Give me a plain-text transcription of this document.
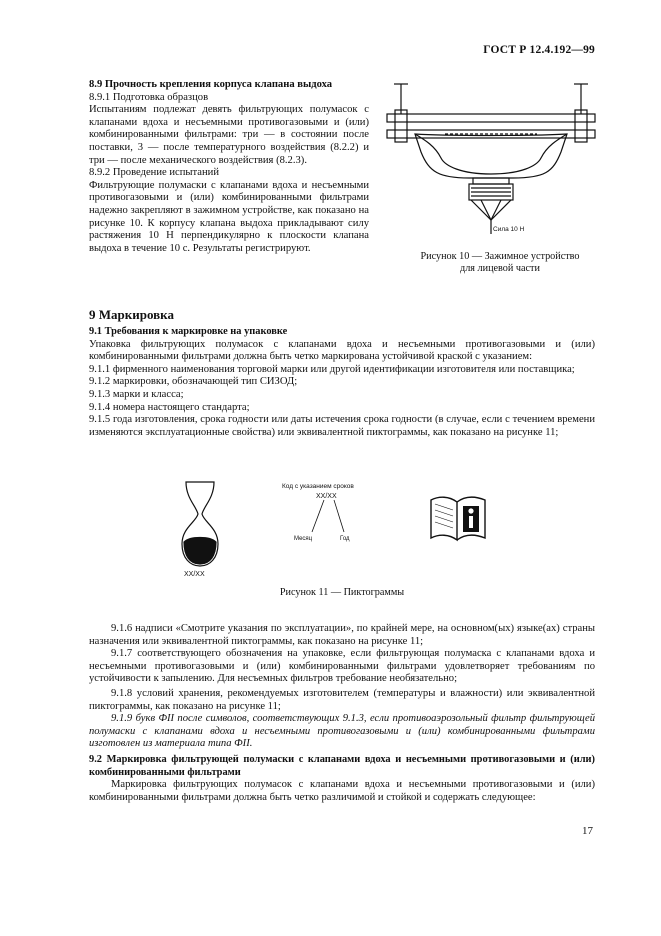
ГОСТ Р 12.4.192—99

8.9 Прочность крепления корпуса клапана выдоха

8.9.1 Подготовка образцов

Испытаниям подлежат девять фильтрующих полумасок с клапанами вдоха и несъемными противогазовыми и (или) комбинированными фильтрами: три — в состоянии после поставки, 3 — после температурного воздействия (8.2.2) и три — после механического воздействия (8.2.3).

8.9.2 Проведение испытаний

Фильтрующие полумаски с клапанами вдоха и несъемными противогазовыми и (или) комбинированными фильтрами надежно закрепляют в зажимном устройстве, как показано на рисунке 10. К корпусу клапана выдоха прикладывают силу растяжения 10 Н перпендикулярно к плоскости клапана выдоха в течение 10 с. Результаты регистрируют.

Сила 10 Н
Рисунок 10 — Зажимное устройство
для лицевой части
9 Маркировка

9.1 Требования к маркировке на упаковке

Упаковка фильтрующих полумасок с клапанами вдоха и несъемными противогазовыми и (или) комбинированными фильтрами должна быть четко маркирована устойчивой краской с указанием:

9.1.1 фирменного наименования торговой марки или другой идентификации изготовителя или поставщика;

9.1.2 маркировки, обозначающей тип СИЗОД;

9.1.3 марки и класса;

9.1.4 номера настоящего стандарта;

9.1.5 года изготовления, срока годности или даты истечения срока годности (в случае, если с течением времени изменяются эксплуатационные свойства) или эквивалентной пиктограммы, как показано на рисунке 11;

XX/XX
Код с указанием сроков
XX/XX
Месяц	Год
Рисунок 11 — Пиктограммы

9.1.6 надписи «Смотрите указания по эксплуатации», по крайней мере, на основном(ых) языке(ах) страны назначения или эквивалентной пиктограммы, как показано на рисунке 11;

9.1.7 соответствующего обозначения на упаковке, если фильтрующая полумаска с клапанами вдоха и несъемными противогазовыми и (или) комбинированными фильтрами удовлетворяет требованиям по устойчивости к запылению. Для несъемных фильтров требование необязательно;

9.1.8 условий хранения, рекомендуемых изготовителем (температуры и влажности) или эквивалентной пиктограммы, как показано на рисунке 11;

9.1.9 букв ФII после символов, соответствующих 9.1.3, если противоаэрозольный фильтр фильтрующей полумаски с клапанами вдоха и несъемными противогазовыми и (или) комбинированными фильтрами изготовлен из материала типа ФII.

9.2 Маркировка фильтрующей полумаски с клапанами вдоха и несъемными противогазовыми и (или) комбинированными фильтрами

Маркировка фильтрующих полумасок с клапанами вдоха и несъемными противогазовыми и (или) комбинированными фильтрами должна быть четко различимой и стойкой и содержать следующее:

17
